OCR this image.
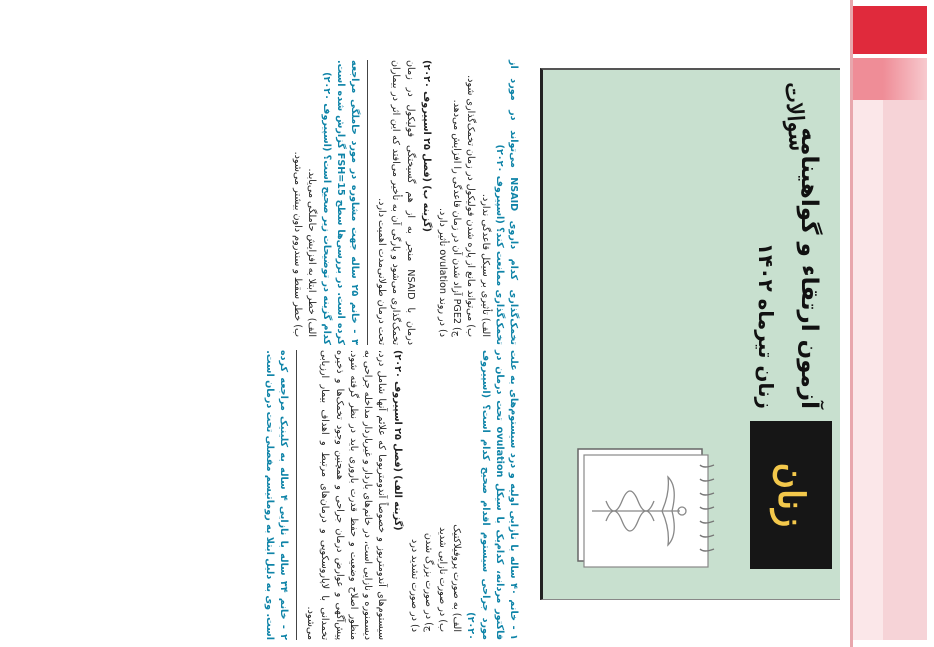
زنان
سوالات
آزمون ارتقاء و گواهینامه
زنان تیرماه ۱۴۰۲
۱ - خانم ۴۰ ساله با نازایی اولیه و درد سیستوم‌های به علت فاکتور مردانه، کدام‌یک با سیکل ovulation تحت درمان در مورد جراحی سیستوم اقدام صحیح کدام است؟ (اسپیروف ۲۰۲۰)
الف) به صورت پروفیلاکتیک
ب) در صورت نازایی شدید
ج) در صورت بزرگ شدن
د) در صورت تشدید درد
(گزینه الف) (فصل ۲۵ اسپیروف ۲۰۲۰)
سیستوم‌های آندومتریوز و خصوصاً آندومتریوما که علائم آنها شامل درد، دیسمنوره و نازایی است، در خانم‌های باردار و غیرباردار مداخله جراحی به منظور اصلاح وضعیت و حفظ قدرت باروری باید در نظر گرفته شود. پیش‌آگهی و عوارض درمان جراحی و همچنین وجود تخمک‌ها و ذخیره تخمدانی با لاپاروسکوپی و درمان‌های مرتبط و اهداف بیمار ارزیابی می‌شود.
۲ - خانم ۳۴ ساله با نازایی ۴ ساله به کلینیک مراجعه کرده است. وی به دلیل ابتلا به روماتیسم مفصلی تحت درمان است.
تخمک‌گذاری کدام داروی NSAID می‌تواند در مورد از تخمک‌گذاری ممانعت کند؟ (اسپیروف ۲۰۲۰)
الف) تأثیری بر سیکل قاعدگی ندارد.
ب) می‌تواند مانع از پاره شدن فولیکول در زمان تخمک‌گذاری شود.
ج) PGE2 آزاد شدن آن در زمان قاعدگی را افزایش می‌دهد.
د) در روند ovulation تأثیر دارد.
(گزینه ب) (فصل ۲۵ اسپیروف ۲۰۲۰)
درمان با NSAID منجر به از هم گسیختگی فولیکول در زمان تخمک‌گذاری می‌شود و پارگی آن به تأخیر می‌افتد که این اثر در بیماران تحت درمان طولانی‌مدت اهمیت دارد.
۳ - خانم ۲۵ ساله جهت مشاوره در مورد حاملگی مراجعه کرده است. در بررسی‌ها سطح FSH=15 گزارش شده است. کدام گزینه در توضیحات زیر صحیح است؟ (اسپیروف ۲۰۲۰)
الف) خطر ابتلا به افزایش حاملگی می‌یابد.
ب) خطر سقط و سندروم داون بیشتر می‌شود.
